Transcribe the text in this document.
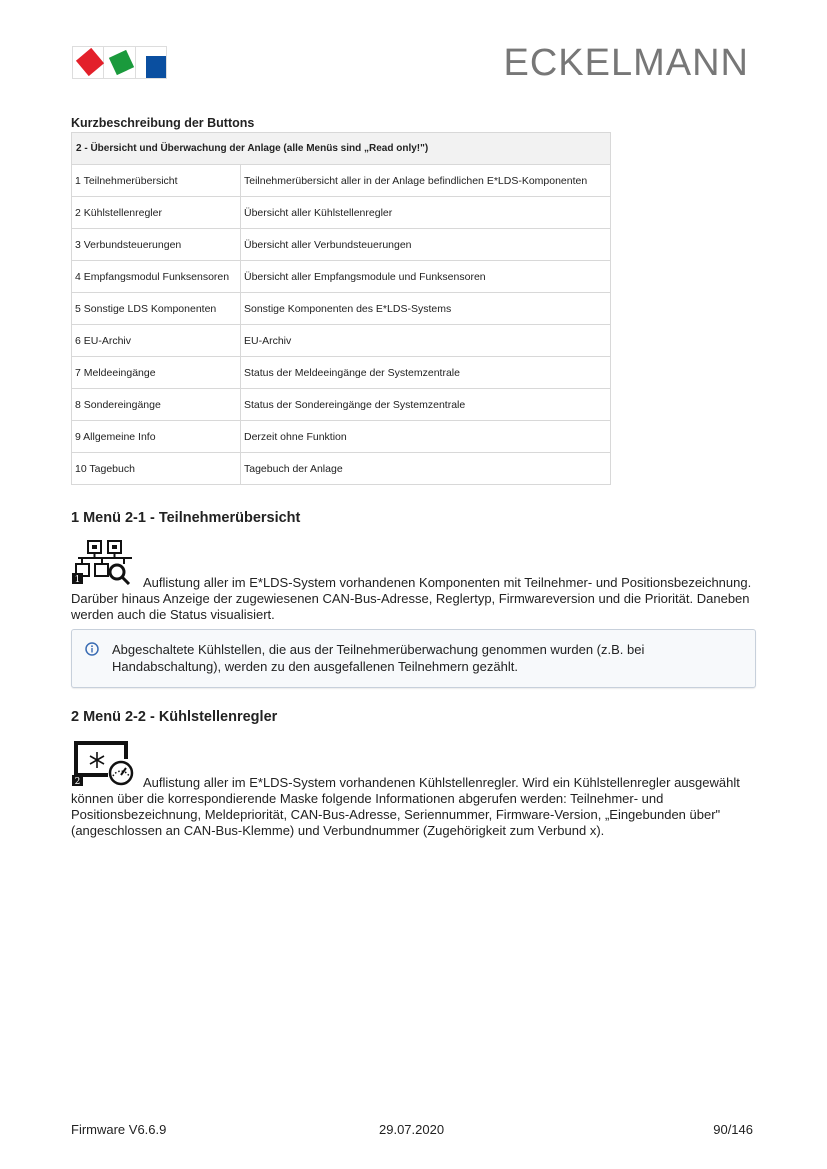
ECKELMANN
Kurzbeschreibung der Buttons
2 - Übersicht und Überwachung der Anlage (alle Menüs sind „Read only!")	
1 Teilnehmerübersicht	Teilnehmerübersicht aller in der Anlage befindlichen E*LDS-Komponenten
2 Kühlstellenregler	Übersicht aller Kühlstellenregler
3 Verbundsteuerungen	Übersicht aller Verbundsteuerungen
4 Empfangsmodul Funksensoren	Übersicht aller Empfangsmodule und Funksensoren
5 Sonstige LDS Komponenten	Sonstige Komponenten des E*LDS-Systems
6 EU-Archiv	EU-Archiv
7 Meldeeingänge	Status der Meldeeingänge der Systemzentrale
8 Sondereingänge	Status der Sondereingänge der Systemzentrale
9 Allgemeine Info	Derzeit ohne Funktion
10 Tagebuch	Tagebuch der Anlage
1 Menü 2-1 - Teilnehmerübersicht
1	Auflistung aller im E*LDS-System vorhandenen Komponenten mit Teilnehmer- und Positionsbezeichnung. Darüber hinaus Anzeige der zugewiesenen CAN-Bus-Adresse, Reglertyp, Firmwareversion und die Priorität. Daneben werden auch die Status visualisiert.

Abgeschaltete Kühlstellen, die aus der Teilnehmerüberwachung genommen wurden (z.B. bei Handabschaltung), werden zu den ausgefallenen Teilnehmern gezählt.

2 Menü 2-2 - Kühlstellenregler
2	Auflistung aller im E*LDS-System vorhandenen Kühlstellenregler. Wird ein Kühlstellenregler ausgewählt können über die korrespondierende Maske folgende Informationen abgerufen werden: Teilnehmer- und Positionsbezeichnung, Meldepriorität, CAN-Bus-Adresse, Seriennummer, Firmware-Version, „Eingebunden über" (angeschlossen an CAN-Bus-Klemme) und Verbundnummer (Zugehörigkeit zum Verbund x).

Firmware V6.6.9	29.07.2020	90/146
